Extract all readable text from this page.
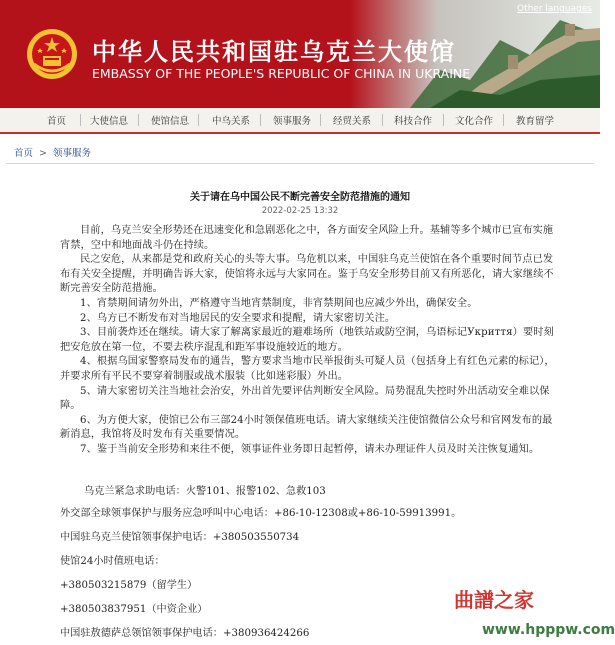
中华人民共和国驻乌克兰大使馆
EMBASSY OF THE PEOPLE'S REPUBLIC OF CHINA IN UKRAINE
Other languages
首页	大使信息 使馆信息 中乌关系 领事服务 经贸关系 科技合作 文化合作 教育留学
首页 > 领事服务
关于请在乌中国公民不断完善安全防范措施的通知
2022-02-25 13:32

目前，乌克兰安全形势还在迅速变化和急剧恶化之中，各方面安全风险上升。基辅等多个城市已宣布实施宵禁，空中和地面战斗仍在持续。

民之安危，从来都是党和政府关心的头等大事。乌危机以来，中国驻乌克兰使馆在各个重要时间节点已发布有关安全提醒，并明确告诉大家，使馆将永远与大家同在。鉴于乌安全形势目前又有所恶化，请大家继续不断完善安全防范措施。

1、宵禁期间请勿外出，严格遵守当地宵禁制度，非宵禁期间也应减少外出，确保安全。

2、乌方已不断发布对当地居民的安全要求和提醒，请大家密切关注。

3、目前袭炸还在继续。请大家了解离家最近的避难场所（地铁站或防空洞，乌语标记Укриття）要时刻把安危放在第一位，不要去秩序混乱和距军事设施较近的地方。

4、根据乌国家警察局发布的通告，警方要求当地市民举报街头可疑人员（包括身上有红色元素的标记），并要求所有平民不要穿着制服或战术服装（比如迷彩服）外出。

5、请大家密切关注当地社会治安，外出首先要评估判断安全风险。局势混乱失控时外出活动安全难以保障。

6、为方便大家，使馆已公布三部24小时领保值班电话。请大家继续关注使馆微信公众号和官网发布的最新消息，我馆将及时发布有关重要情况。

7、鉴于当前安全形势和来往不便，领事证件业务即日起暂停，请未办理证件人员及时关注恢复通知。

乌克兰紧急求助电话：火警101、报警102、急救103
外交部全球领事保护与服务应急呼叫中心电话：+86-10-12308或+86-10-59913991。
中国驻乌克兰使馆领事保护电话：+380503550734
使馆24小时值班电话：
+380503215879（留学生）
+380503837951（中资企业）
中国驻敖德萨总领馆领事保护电话：+380936424266
曲譜之家
www.hpppw.com
